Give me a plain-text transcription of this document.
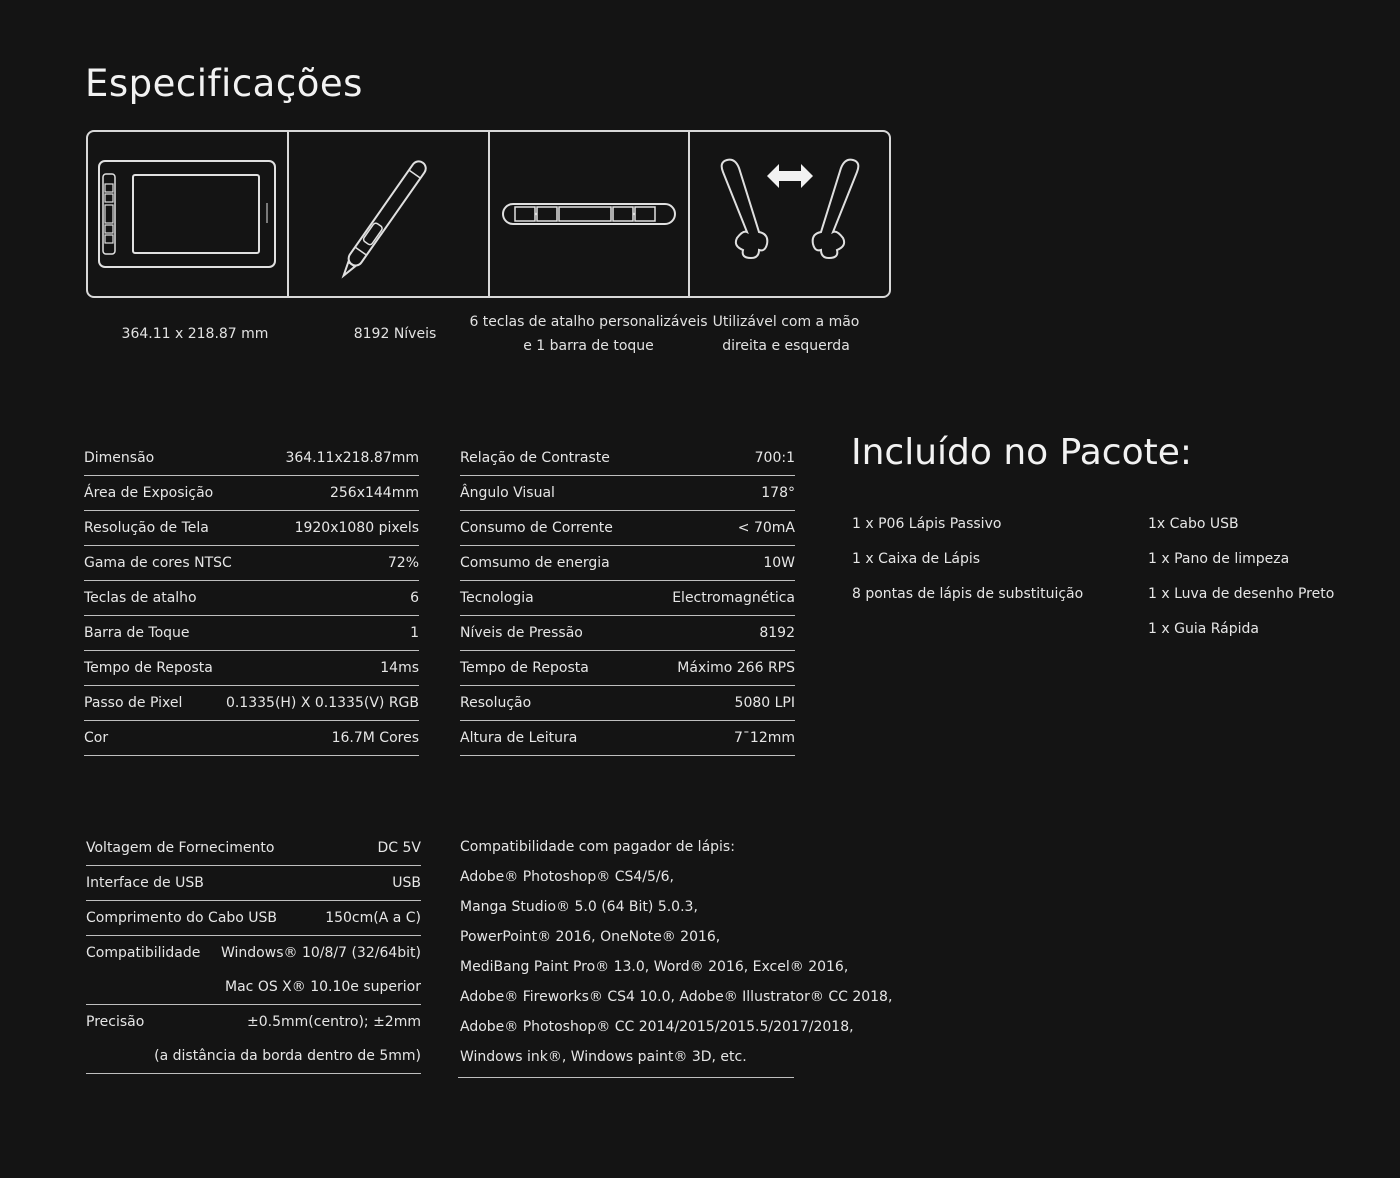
Especificações
364.11 x 218.87 mm	8192 Níveis
6 teclas de atalho personalizáveis
e 1 barra de toque
Utilizável com a mão
direita e esquerda
Dimensão	364.11x218.87mm
Área de Exposição	256x144mm
Resolução de Tela	1920x1080 pixels
Gama de cores NTSC	72%
Teclas de atalho	6
Barra de Toque	1
Tempo de Reposta	14ms
Passo de Pixel	0.1335(H) X 0.1335(V) RGB
Cor	16.7M Cores
Relação de Contraste	700:1
Ângulo Visual	178°
Consumo de Corrente	< 70mA
Comsumo de energia	10W
Tecnologia	Electromagnética
Níveis de Pressão	8192
Tempo de Reposta	Máximo 266 RPS
Resolução	5080 LPI
Altura de Leitura	7¯12mm
Incluído no Pacote:
1 x P06 Lápis Passivo
1 x Caixa de Lápis
8 pontas de lápis de substituição
1x Cabo USB
1 x Pano de limpeza
1 x Luva de desenho Preto
1 x Guia Rápida
Voltagem de Fornecimento	DC 5V
Interface de USB	USB
Comprimento do Cabo USB	150cm(A a C)
Compatibilidade Windows® 10/8/7 (32/64bit)
Mac OS X® 10.10e superior
Precisão	±0.5mm(centro); ±2mm
(a distância da borda dentro de 5mm)
Compatibilidade com pagador de lápis:
Adobe® Photoshop® CS4/5/6,
Manga Studio® 5.0 (64 Bit) 5.0.3,
PowerPoint® 2016, OneNote® 2016,
MediBang Paint Pro® 13.0, Word® 2016, Excel® 2016,
Adobe® Fireworks® CS4 10.0, Adobe® Illustrator® CC 2018,
Adobe® Photoshop® CC 2014/2015/2015.5/2017/2018,
Windows ink®, Windows paint® 3D, etc.
